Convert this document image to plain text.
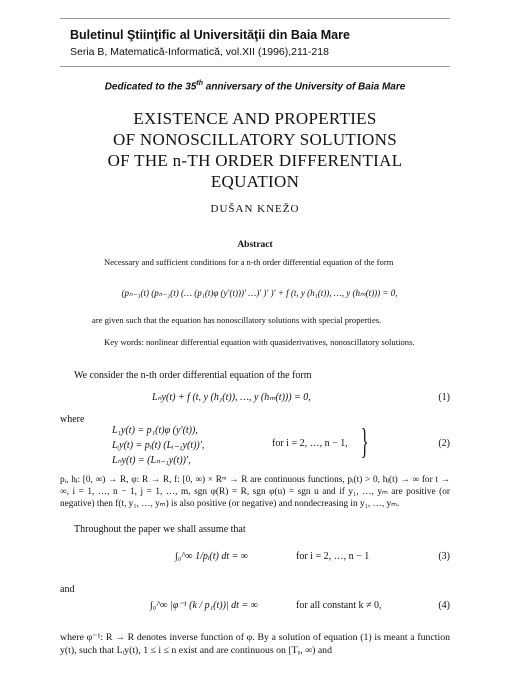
Buletinul Ştiinţific al Universităţii din Baia Mare
Seria B, Matematică-Informatică, vol.XII (1996),211-218
Dedicated to the 35th anniversary of the University of Baia Mare
EXISTENCE AND PROPERTIES
OF NONOSCILLATORY SOLUTIONS
OF THE n-TH ORDER DIFFERENTIAL
EQUATION
DUŠAN KNEŽO
Abstract
Necessary and sufficient conditions for a n-th order differential equation of the form
(pₙ₋₁(t) (pₙ₋₂(t) (… (p₁(t)φ (y′(t)))′ …)′ )′ )′ + f (t, y (h₁(t)), …, y (hₘ(t))) = 0,
are given such that the equation has nonoscillatory solutions with special properties.
Key words: nonlinear differential equation with quasiderivatives, nonoscillatory solutions.
We consider the n-th order differential equation of the form
Lₙy(t) + f (t, y (h₁(t)), …, y (hₘ(t))) = 0,	(1)
where
L₁y(t) = p₁(t)φ (y′(t)),
Lᵢy(t) = pᵢ(t) (Lᵢ₋₁y(t))′,
Lₙy(t) = (Lₙ₋₁y(t))′,
for i = 2, …, n − 1, }	(2)
pᵢ, hⱼ: [0, ∞) → R, φ: R → R, f: [0, ∞) × Rᵐ → R are continuous functions, pᵢ(t) > 0, hⱼ(t) → ∞ for t → ∞, i = 1, …, n − 1, j = 1, …, m, sgn φ(R) = R, sgn φ(u) = sgn u and if y₁, …, yₘ are positive (or negative) then f(t, y₁, …, yₘ) is also positive (or negative) and nondecreasing in y₁, …, yₘ.
Throughout the paper we shall assume that
∫₀^∞ 1/pᵢ(t) dt = ∞	for i = 2, …, n − 1	(3)
and
∫₀^∞ |φ⁻¹ (k / p₁(t))| dt = ∞	for all constant k ≠ 0,	(4)
where φ⁻¹: R → R denotes inverse function of φ. By a solution of equation (1) is meant a function y(t), such that Lᵢy(t), 1 ≤ i ≤ n exist and are continuous on [Tᵧ, ∞) and
